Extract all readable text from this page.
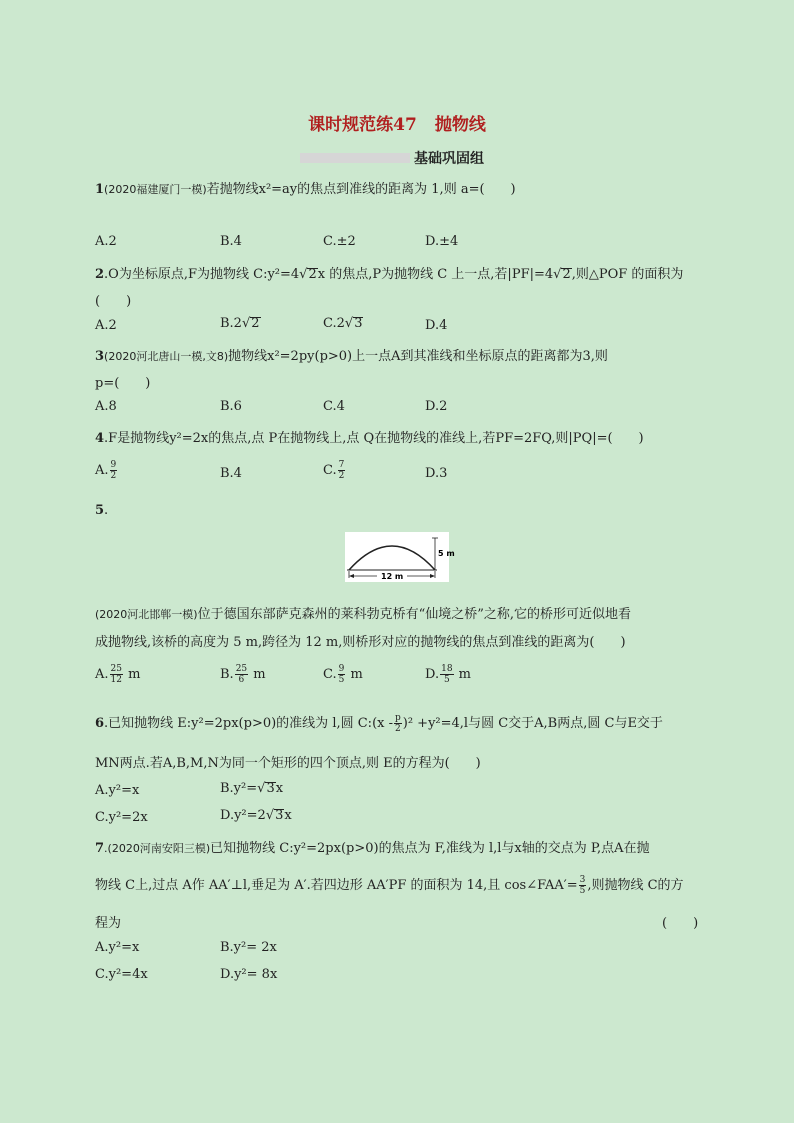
课时规范练47 抛物线
基础巩固组
1(2020福建厦门一模)若抛物线x²=ay的焦点到准线的距离为 1,则 a=(　　)
A.2	B.4	C.±2	D.±4
2.O为坐标原点,F为抛物线 C:y²=4√2x 的焦点,P为抛物线 C 上一点,若|PF|=4√2,则△POF 的面积为
(　　)
A.2	B.2√2	C.2√3	D.4
3(2020河北唐山一模,文8)抛物线x²=2py(p>0)上一点A到其准线和坐标原点的距离都为3,则
p=(　　)
A.8	B.6	C.4	D.2
4.F是抛物线y²=2x的焦点,点 P在抛物线上,点 Q在抛物线的准线上,若PF=2FQ,则|PQ|=(　　)
A. $\frac{9}{2}$	B.4	C. $\frac{7}{2}$	D.3
5.
5 m
12 m
(2020河北邯郸一模)位于德国东部萨克森州的莱科勃克桥有“仙境之桥”之称,它的桥形可近似地看
成抛物线,该桥的高度为 5 m,跨径为 12 m,则桥形对应的抛物线的焦点到准线的距离为(　　)
A. $\frac{25}{12}$ m	B. $\frac{25}{6}$ m	C. $\frac{9}{5}$ m	D. $\frac{18}{5}$ m
6.已知抛物线 E:y²=2px(p>0)的准线为 l,圆 C:(x - $\frac{p}{2} )^2 +y^2=4,l$与圆 C交于A,B两点,圆 C与E交于
MN两点.若A,B,M,N为同一个矩形的四个顶点,则 E的方程为(　　)
A.y²=x	B.y²=√3x
C.y²=2x	D.y²=2√3x
7.(2020河南安阳三模)已知抛物线 C:y²=2px(p>0)的焦点为 F,准线为 l,l与x轴的交点为 P,点A在抛
物线 C上,过点 A作 AA′⊥l,垂足为 A′.若四边形 AA′PF 的面积为 14,且 cos∠FAA′= $\frac{3}{5}$ ,则抛物线 C的方
程为	(　　)
A.y²=x	B.y²= 2x
C.y²=4x	D.y²= 8x
